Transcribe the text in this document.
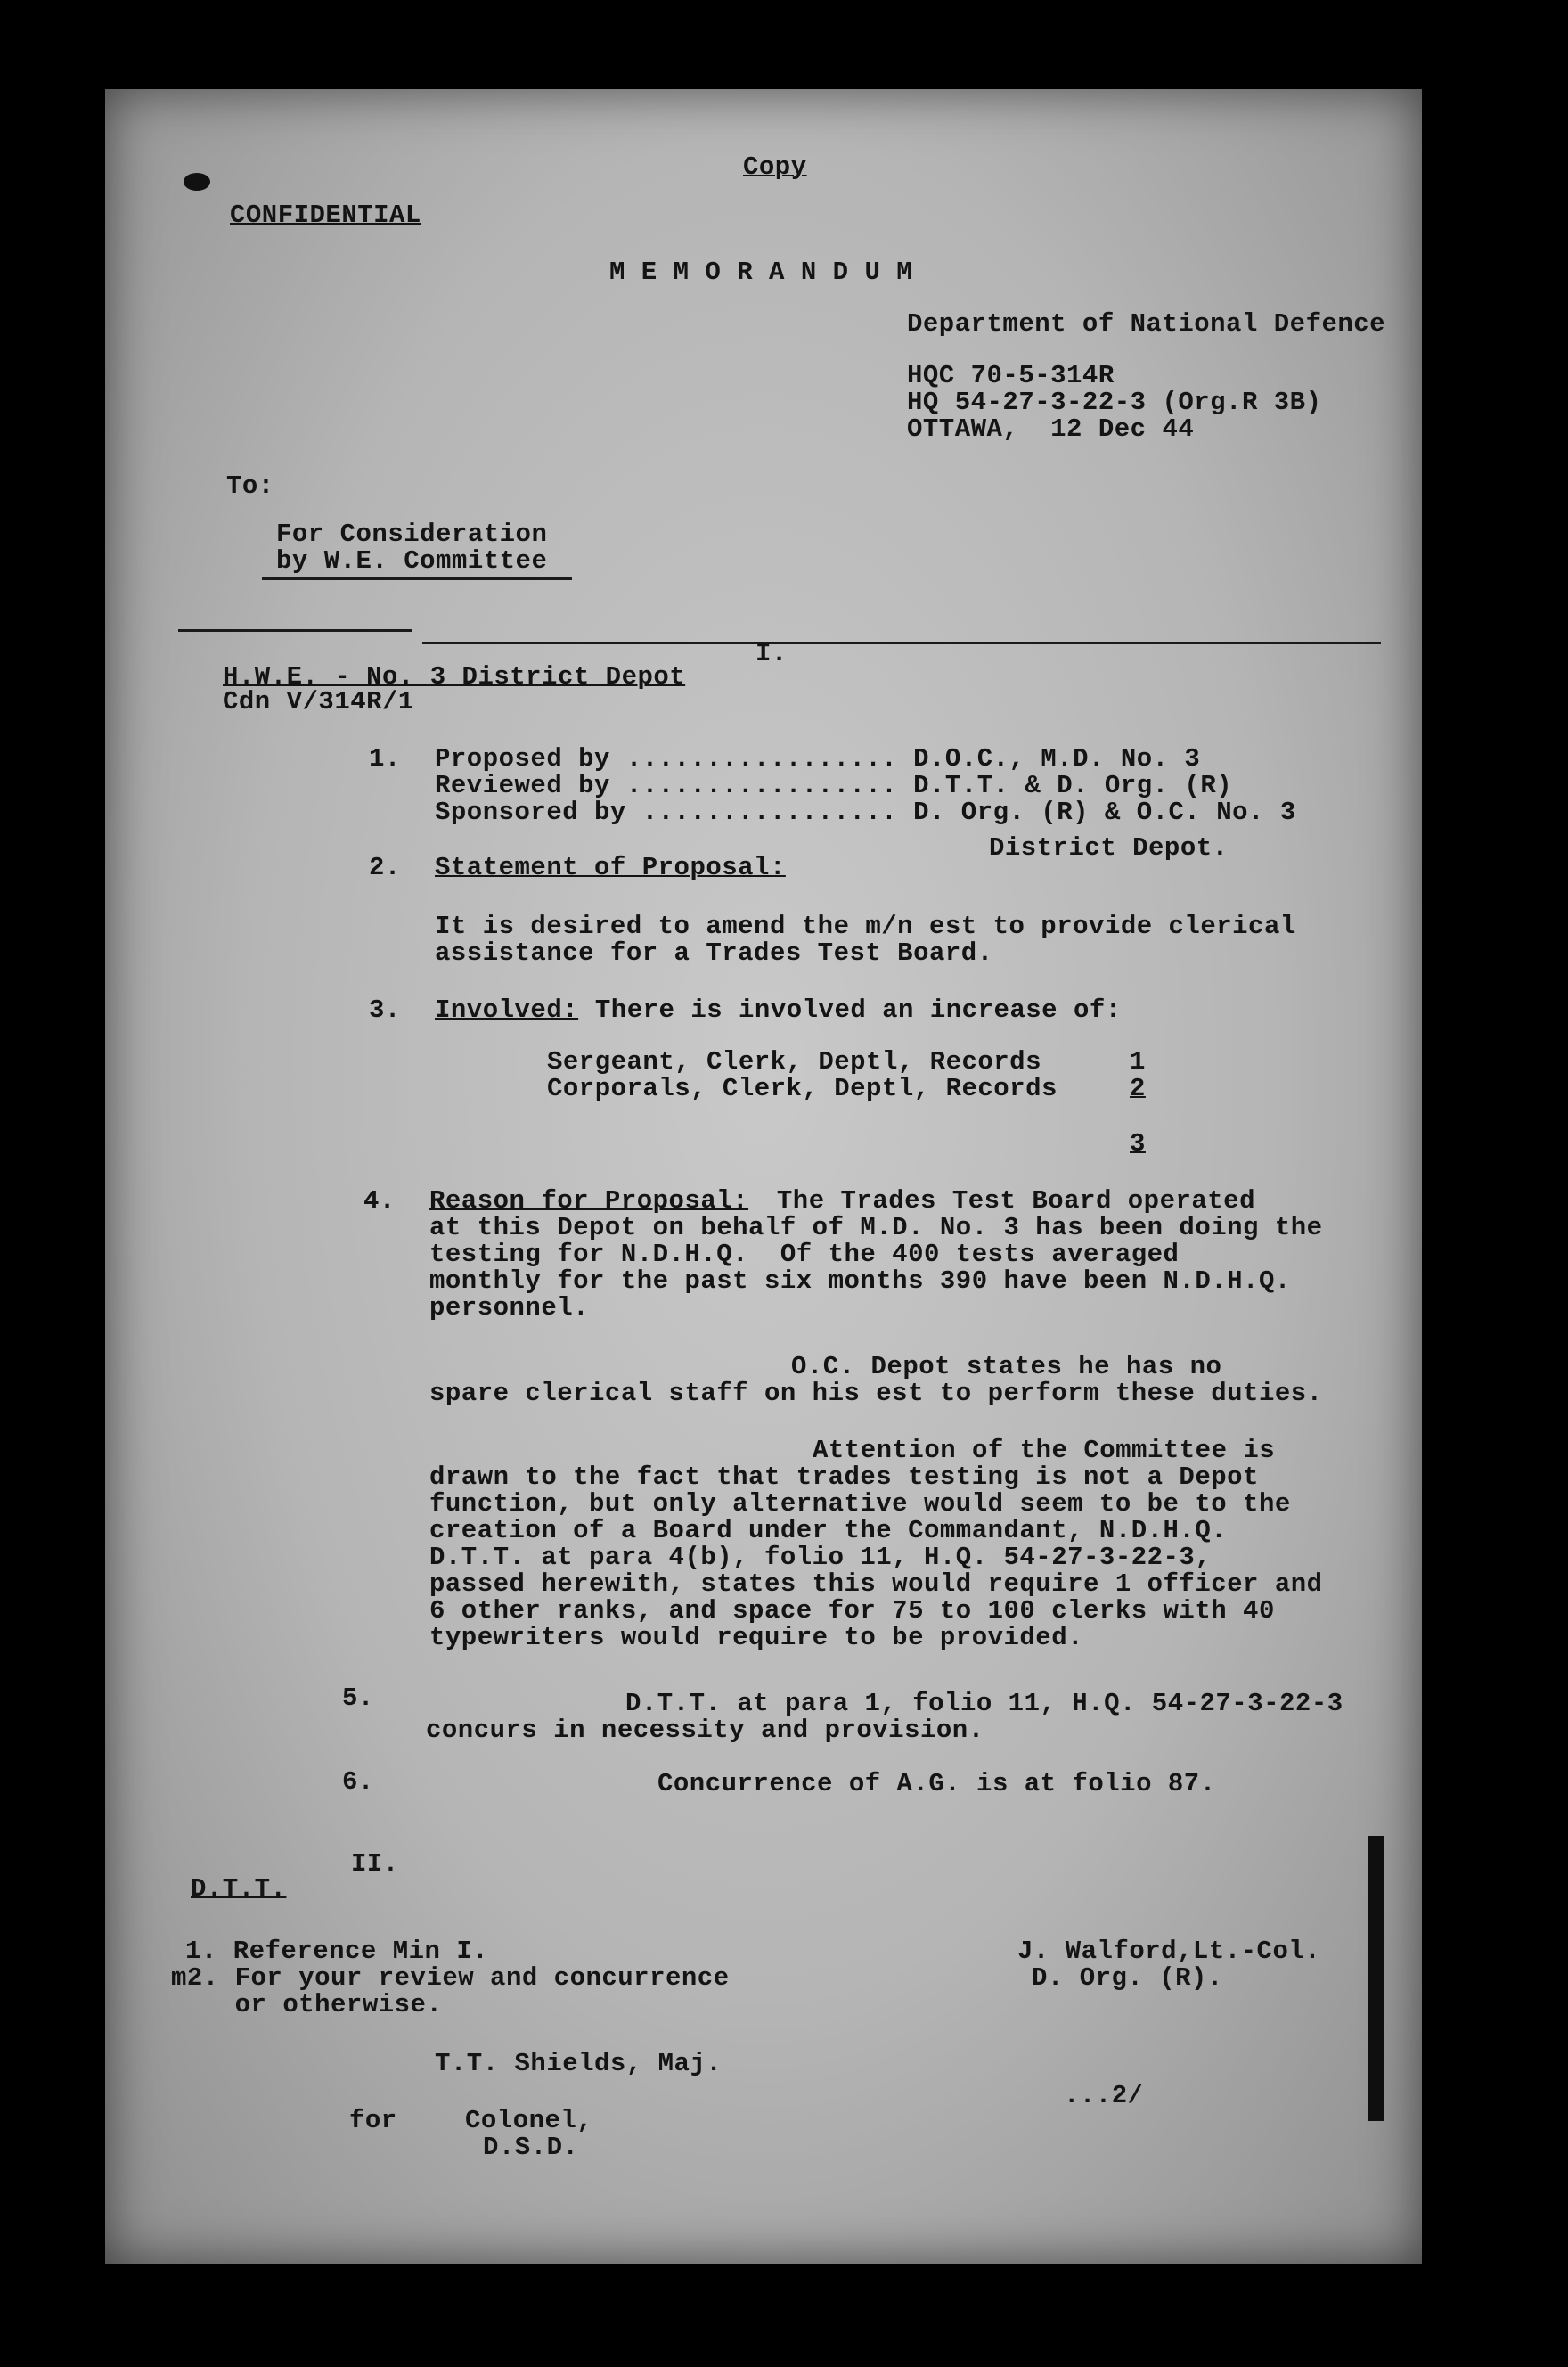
Copy
CONFIDENTIAL
M E M O R A N D U M
Department of National Defence
HQC 70-5-314R
HQ 54-27-3-22-3 (Org.R 3B)
OTTAWA,  12 Dec 44
To:
For Consideration
by W.E. Committee
I.
H.W.E. - No. 3 District Depot
Cdn V/314R/1
1. Proposed by ................. D.O.C., M.D. No. 3
Reviewed by ................. D.T.T. & D. Org. (R)
Sponsored by ................ D. Org. (R) & O.C. No. 3
District Depot.
2. Statement of Proposal:
It is desired to amend the m/n est to provide clerical
assistance for a Trades Test Board.
3. Involved: There is involved an increase of:
Sergeant, Clerk, Deptl, Records	1
Corporals, Clerk, Deptl, Records	2
3
4. Reason for Proposal: The Trades Test Board operated
at this Depot on behalf of M.D. No. 3 has been doing the
testing for N.D.H.Q.  Of the 400 tests averaged
monthly for the past six months 390 have been N.D.H.Q.
personnel.
O.C. Depot states he has no
spare clerical staff on his est to perform these duties.
Attention of the Committee is
drawn to the fact that trades testing is not a Depot
function, but only alternative would seem to be to the
creation of a Board under the Commandant, N.D.H.Q.
D.T.T. at para 4(b), folio 11, H.Q. 54-27-3-22-3,
passed herewith, states this would require 1 officer and
6 other ranks, and space for 75 to 100 clerks with 40
typewriters would require to be provided.
5.	D.T.T. at para 1, folio 11, H.Q. 54-27-3-22-3
concurs in necessity and provision.
6.	Concurrence of A.G. is at folio 87.
II.
D.T.T.
1. Reference Min I.
m2. For your review and concurrence
or otherwise.
J. Walford,Lt.-Col.
D. Org. (R).
T.T. Shields, Maj.
...2/
for	Colonel,
D.S.D.
